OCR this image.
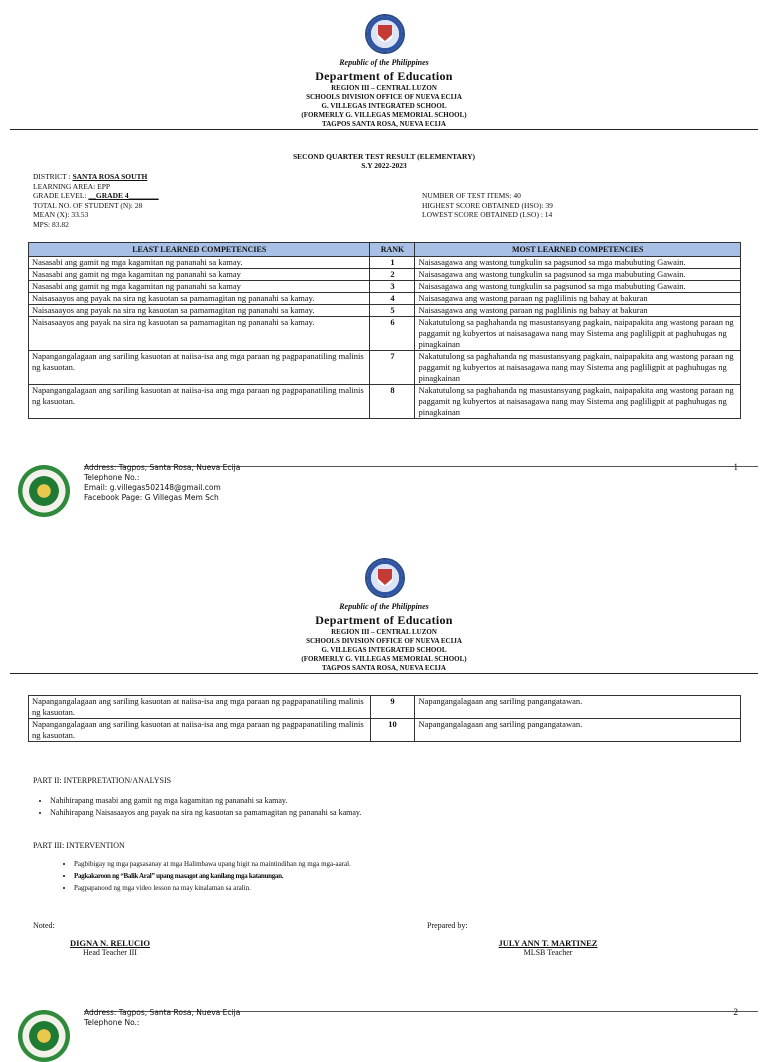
Republic of the Philippines
Department of Education
REGION III – CENTRAL LUZON
SCHOOLS DIVISION OFFICE OF NUEVA ECIJA
G. VILLEGAS INTEGRATED SCHOOL
(FORMERLY G. VILLEGAS MEMORIAL SCHOOL)
TAGPOS SANTA ROSA, NUEVA ECIJA
SECOND QUARTER TEST RESULT (ELEMENTARY)
S.Y 2022-2023
DISTRICT : SANTA ROSA SOUTH
LEARNING AREA: EPP
GRADE LEVEL: __GRADE 4________
TOTAL NO. OF STUDENT (N): 28
MEAN (X): 33.53
MPS: 83.82
NUMBER OF TEST ITEMS: 40
HIGHEST SCORE OBTAINED (HSO): 39
LOWEST SCORE OBTAINED (LSO) : 14
LEAST LEARNED COMPETENCIES	RANK	MOST LEARNED COMPETENCIES
Nasasabi ang gamit ng mga kagamitan ng pananahi sa kamay.	1	Naisasagawa ang wastong tungkulin sa pagsunod sa mga mabubuting Gawain.
Nasasabi ang gamit ng mga kagamitan ng pananahi sa kamay	2	Naisasagawa ang wastong tungkulin sa pagsunod sa mga mabubuting Gawain.
Nasasabi ang gamit ng mga kagamitan ng pananahi sa kamay	3	Naisasagawa ang wastong tungkulin sa pagsunod sa mga mabubuting Gawain.
Naisasaayos ang payak na sira ng kasuotan sa pamamagitan ng pananahi sa kamay.	4	Naisasagawa ang wastong paraan ng paglilinis ng bahay at bakuran
Naisasaayos ang payak na sira ng kasuotan sa pamamagitan ng pananahi sa kamay.	5	Naisasagawa ang wastong paraan ng paglilinis ng bahay at bakuran
Naisasaayos ang payak na sira ng kasuotan sa pamamagitan ng pananahi sa kamay.	6	Nakatutulong sa paghahanda ng masustansyang pagkain, naipapakita ang wastong paraan ng paggamit ng kubyertos at naisasagawa nang may Sistema ang pagliligpit at paghuhugas ng pinagkainan
Napangangalagaan ang sariling kasuotan at naiisa-isa ang mga paraan ng pagpapanatiling malinis ng kasuotan.	7	Nakatutulong sa paghahanda ng masustansyang pagkain, naipapakita ang wastong paraan ng paggamit ng kubyertos at naisasagawa nang may Sistema ang pagliligpit at paghuhugas ng pinagkainan
Napangangalagaan ang sariling kasuotan at naiisa-isa ang mga paraan ng pagpapanatiling malinis ng kasuotan.	8	Nakatutulong sa paghahanda ng masustansyang pagkain, naipapakita ang wastong paraan ng paggamit ng kubyertos at naisasagawa nang may Sistema ang pagliligpit at paghuhugas ng pinagkainan
Address: Tagpos, Santa Rosa, Nueva Ecija
Telephone No.:
Email: g.villegas502148@gmail.com
Facebook Page: G Villegas Mem Sch
1
Republic of the Philippines
Department of Education
REGION III – CENTRAL LUZON
SCHOOLS DIVISION OFFICE OF NUEVA ECIJA
G. VILLEGAS INTEGRATED SCHOOL
(FORMERLY G. VILLEGAS MEMORIAL SCHOOL)
TAGPOS SANTA ROSA, NUEVA ECIJA
Napangangalagaan ang sariling kasuotan at naiisa-isa ang mga paraan ng pagpapanatiling malinis ng kasuotan.	9	Napangangalagaan ang sariling pangangatawan.
Napangangalagaan ang sariling kasuotan at naiisa-isa ang mga paraan ng pagpapanatiling malinis ng kasuotan.	10	Napangangalagaan ang sariling pangangatawan.
PART II: INTERPRETATION/ANALYSIS
• Nahihirapang masabi ang gamit ng mga kagamitan ng pananahi sa kamay.
• Nahihirapang Naisasaayos ang payak na sira ng kasuotan sa pamamagitan ng pananahi sa kamay.
PART III: INTERVENTION
• Pagbibigay ng mga pagsasanay at mga Halimbawa upang higit na maintindihan ng mga mga-aaral.
• Pagkakaroon ng “Balik Aral” upang masagot ang kanilang mga katanungan.
• Pagpapanood ng mga video lesson na may kinalaman sa aralin.
Noted:	Prepared by:
DIGNA N. RELUCIO
Head Teacher III
JULY ANN T. MARTINEZ
MLSB Teacher
Address: Tagpos, Santa Rosa, Nueva Ecija
Telephone No.:
2
